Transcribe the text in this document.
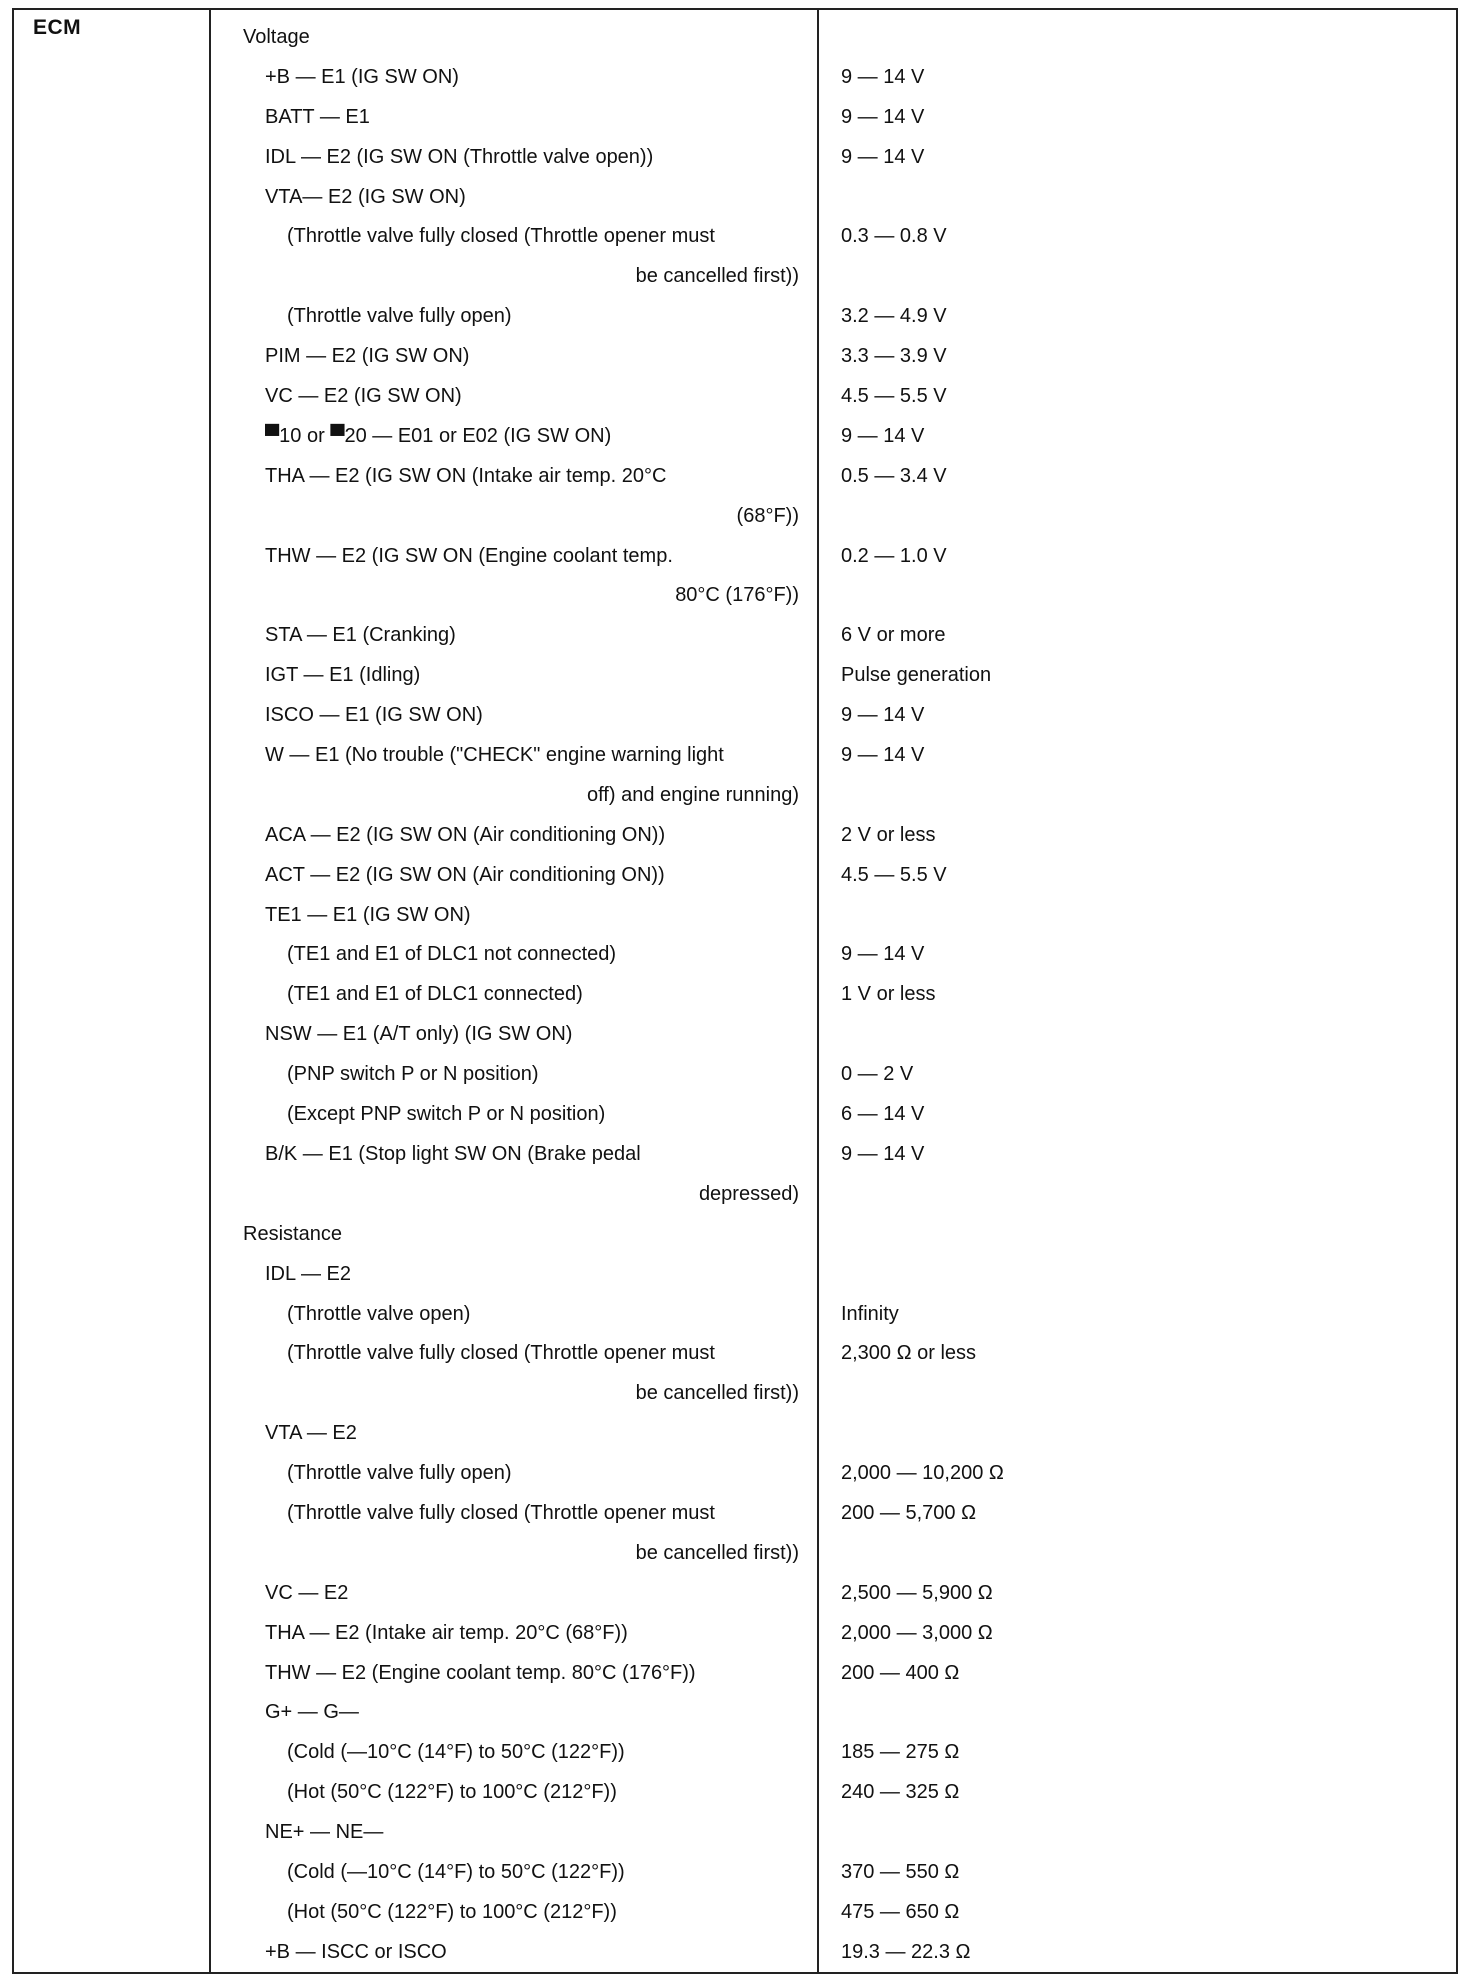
ECM	Voltage
+B — E1 (IG SW ON)
BATT — E1
IDL — E2 (IG SW ON (Throttle valve open))
VTA— E2 (IG SW ON)
(Throttle valve fully closed (Throttle opener must
be cancelled first))
(Throttle valve fully open)
PIM — E2 (IG SW ON)
VC — E2 (IG SW ON)
▀10 or ▀20 — E01 or E02 (IG SW ON)
THA — E2 (IG SW ON (Intake air temp. 20°C
(68°F))
THW — E2 (IG SW ON (Engine coolant temp.
80°C (176°F))
STA — E1 (Cranking)
IGT — E1 (Idling)
ISCO — E1 (IG SW ON)
W — E1 (No trouble ("CHECK" engine warning light
off) and engine running)
ACA — E2 (IG SW ON (Air conditioning ON))
ACT — E2 (IG SW ON (Air conditioning ON))
TE1 — E1 (IG SW ON)
(TE1 and E1 of DLC1 not connected)
(TE1 and E1 of DLC1 connected)
NSW — E1 (A/T only) (IG SW ON)
(PNP switch P or N position)
(Except PNP switch P or N position)
B/K — E1 (Stop light SW ON (Brake pedal
depressed)
Resistance
IDL — E2
(Throttle valve open)
(Throttle valve fully closed (Throttle opener must
be cancelled first))
VTA — E2
(Throttle valve fully open)
(Throttle valve fully closed (Throttle opener must
be cancelled first))
VC — E2
THA — E2 (Intake air temp. 20°C (68°F))
THW — E2 (Engine coolant temp. 80°C (176°F))
G+ — G—
(Cold (—10°C (14°F) to 50°C (122°F))
(Hot (50°C (122°F) to 100°C (212°F))
NE+ — NE—
(Cold (—10°C (14°F) to 50°C (122°F))
(Hot (50°C (122°F) to 100°C (212°F))
+B — ISCC or ISCO
9 — 14 V
9 — 14 V
9 — 14 V
0.3 — 0.8 V
3.2 — 4.9 V
3.3 — 3.9 V
4.5 — 5.5 V
9 — 14 V
0.5 — 3.4 V
0.2 — 1.0 V
6 V or more
Pulse generation
9 — 14 V
9 — 14 V
2 V or less
4.5 — 5.5 V
9 — 14 V
1 V or less
0 — 2 V
6 — 14 V
9 — 14 V
Infinity
2,300 Ω or less
2,000 — 10,200 Ω
200 — 5,700 Ω
2,500 — 5,900 Ω
2,000 — 3,000 Ω
200 — 400 Ω
185 — 275 Ω
240 — 325 Ω
370 — 550 Ω
475 — 650 Ω
19.3 — 22.3 Ω
